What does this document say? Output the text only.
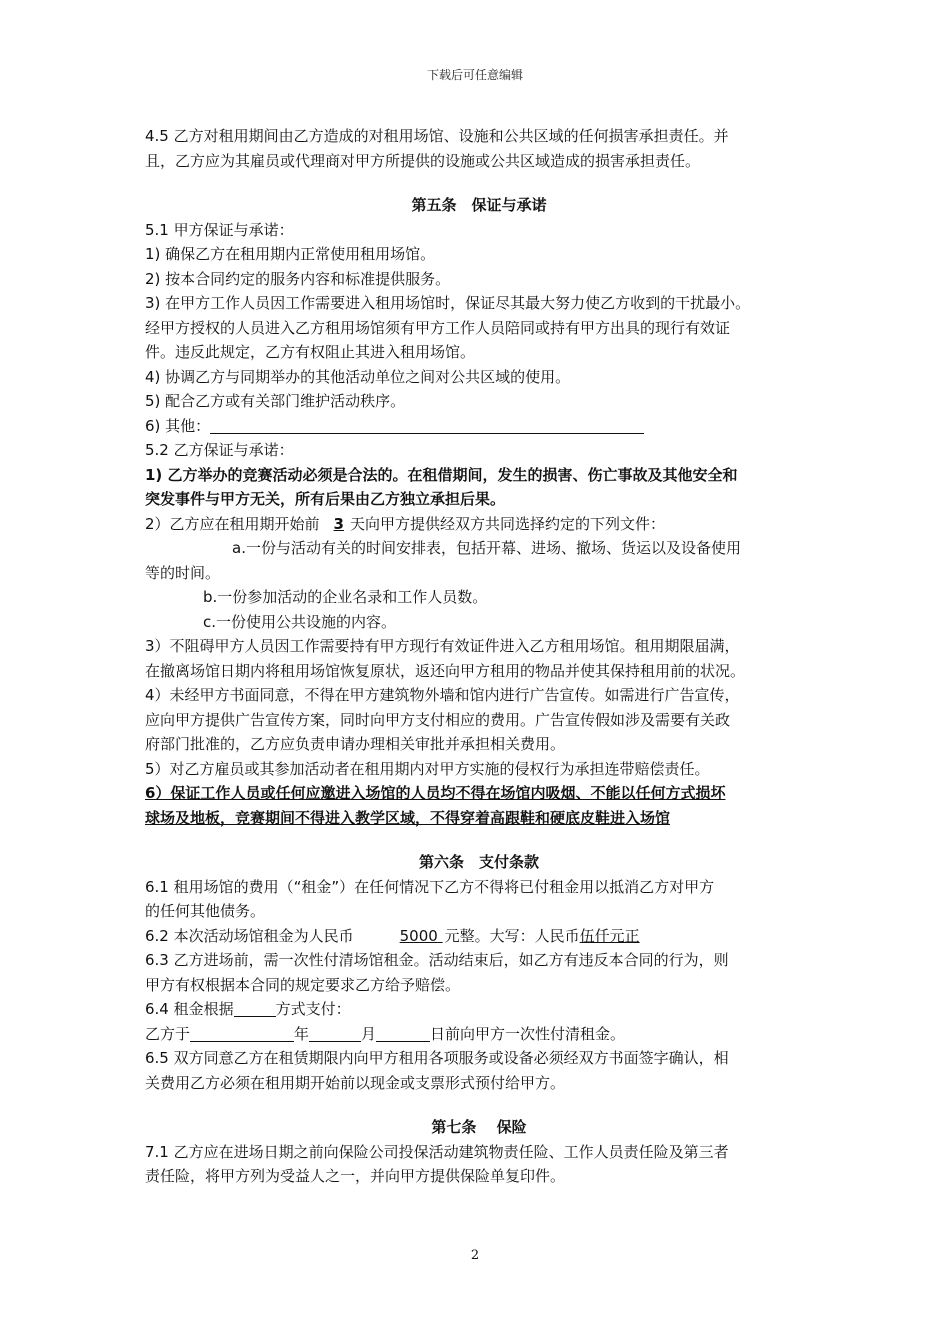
下载后可任意编辑

4.5 乙方对租用期间由乙方造成的对租用场馆、设施和公共区域的任何损害承担责任。并

且，乙方应为其雇员或代理商对甲方所提供的设施或公共区域造成的损害承担责任。

第五条　保证与承诺

5.1 甲方保证与承诺：

1) 确保乙方在租用期内正常使用租用场馆。

2) 按本合同约定的服务内容和标准提供服务。

3) 在甲方工作人员因工作需要进入租用场馆时，保证尽其最大努力使乙方收到的干扰最小。

经甲方授权的人员进入乙方租用场馆须有甲方工作人员陪同或持有甲方出具的现行有效证

件。违反此规定，乙方有权阻止其进入租用场馆。

4) 协调乙方与同期举办的其他活动单位之间对公共区域的使用。

5) 配合乙方或有关部门维护活动秩序。

6) 其他：

5.2 乙方保证与承诺：

1) 乙方举办的竞赛活动必须是合法的。在租借期间，发生的损害、伤亡事故及其他安全和

突发事件与甲方无关，所有后果由乙方独立承担后果。

2）乙方应在租用期开始前 3 天向甲方提供经双方共同选择约定的下列文件：

a.一份与活动有关的时间安排表，包括开幕、进场、撤场、货运以及设备使用

等的时间。

b.一份参加活动的企业名录和工作人员数。

c.一份使用公共设施的内容。

3）不阻碍甲方人员因工作需要持有甲方现行有效证件进入乙方租用场馆。租用期限届满，

在撤离场馆日期内将租用场馆恢复原状，返还向甲方租用的物品并使其保持租用前的状况。

4）未经甲方书面同意，不得在甲方建筑物外墙和馆内进行广告宣传。如需进行广告宣传，

应向甲方提供广告宣传方案，同时向甲方支付相应的费用。广告宣传假如涉及需要有关政

府部门批准的，乙方应负责申请办理相关审批并承担相关费用。

5）对乙方雇员或其参加活动者在租用期内对甲方实施的侵权行为承担连带赔偿责任。

6）保证工作人员或任何应邀进入场馆的人员均不得在场馆内吸烟、不能以任何方式损坏

球场及地板，竞赛期间不得进入教学区域，不得穿着高跟鞋和硬底皮鞋进入场馆

第六条　支付条款

6.1 租用场馆的费用（“租金”）在任何情况下乙方不得将已付租金用以抵消乙方对甲方

的任何其他债务。

6.2 本次活动场馆租金为人民币	5000 元整。大写：人民币伍仟元正

6.3 乙方进场前，需一次性付清场馆租金。活动结束后，如乙方有违反本合同的行为，则

甲方有权根据本合同的规定要求乙方给予赔偿。

6.4 租金根据	方式支付：

乙方于	年	月	日前向甲方一次性付清租金。

6.5 双方同意乙方在租赁期限内向甲方租用各项服务或设备必须经双方书面签字确认，相

关费用乙方必须在租用期开始前以现金或支票形式预付给甲方。

第七条　 保险

7.1 乙方应在进场日期之前向保险公司投保活动建筑物责任险、工作人员责任险及第三者

责任险，将甲方列为受益人之一，并向甲方提供保险单复印件。

2
